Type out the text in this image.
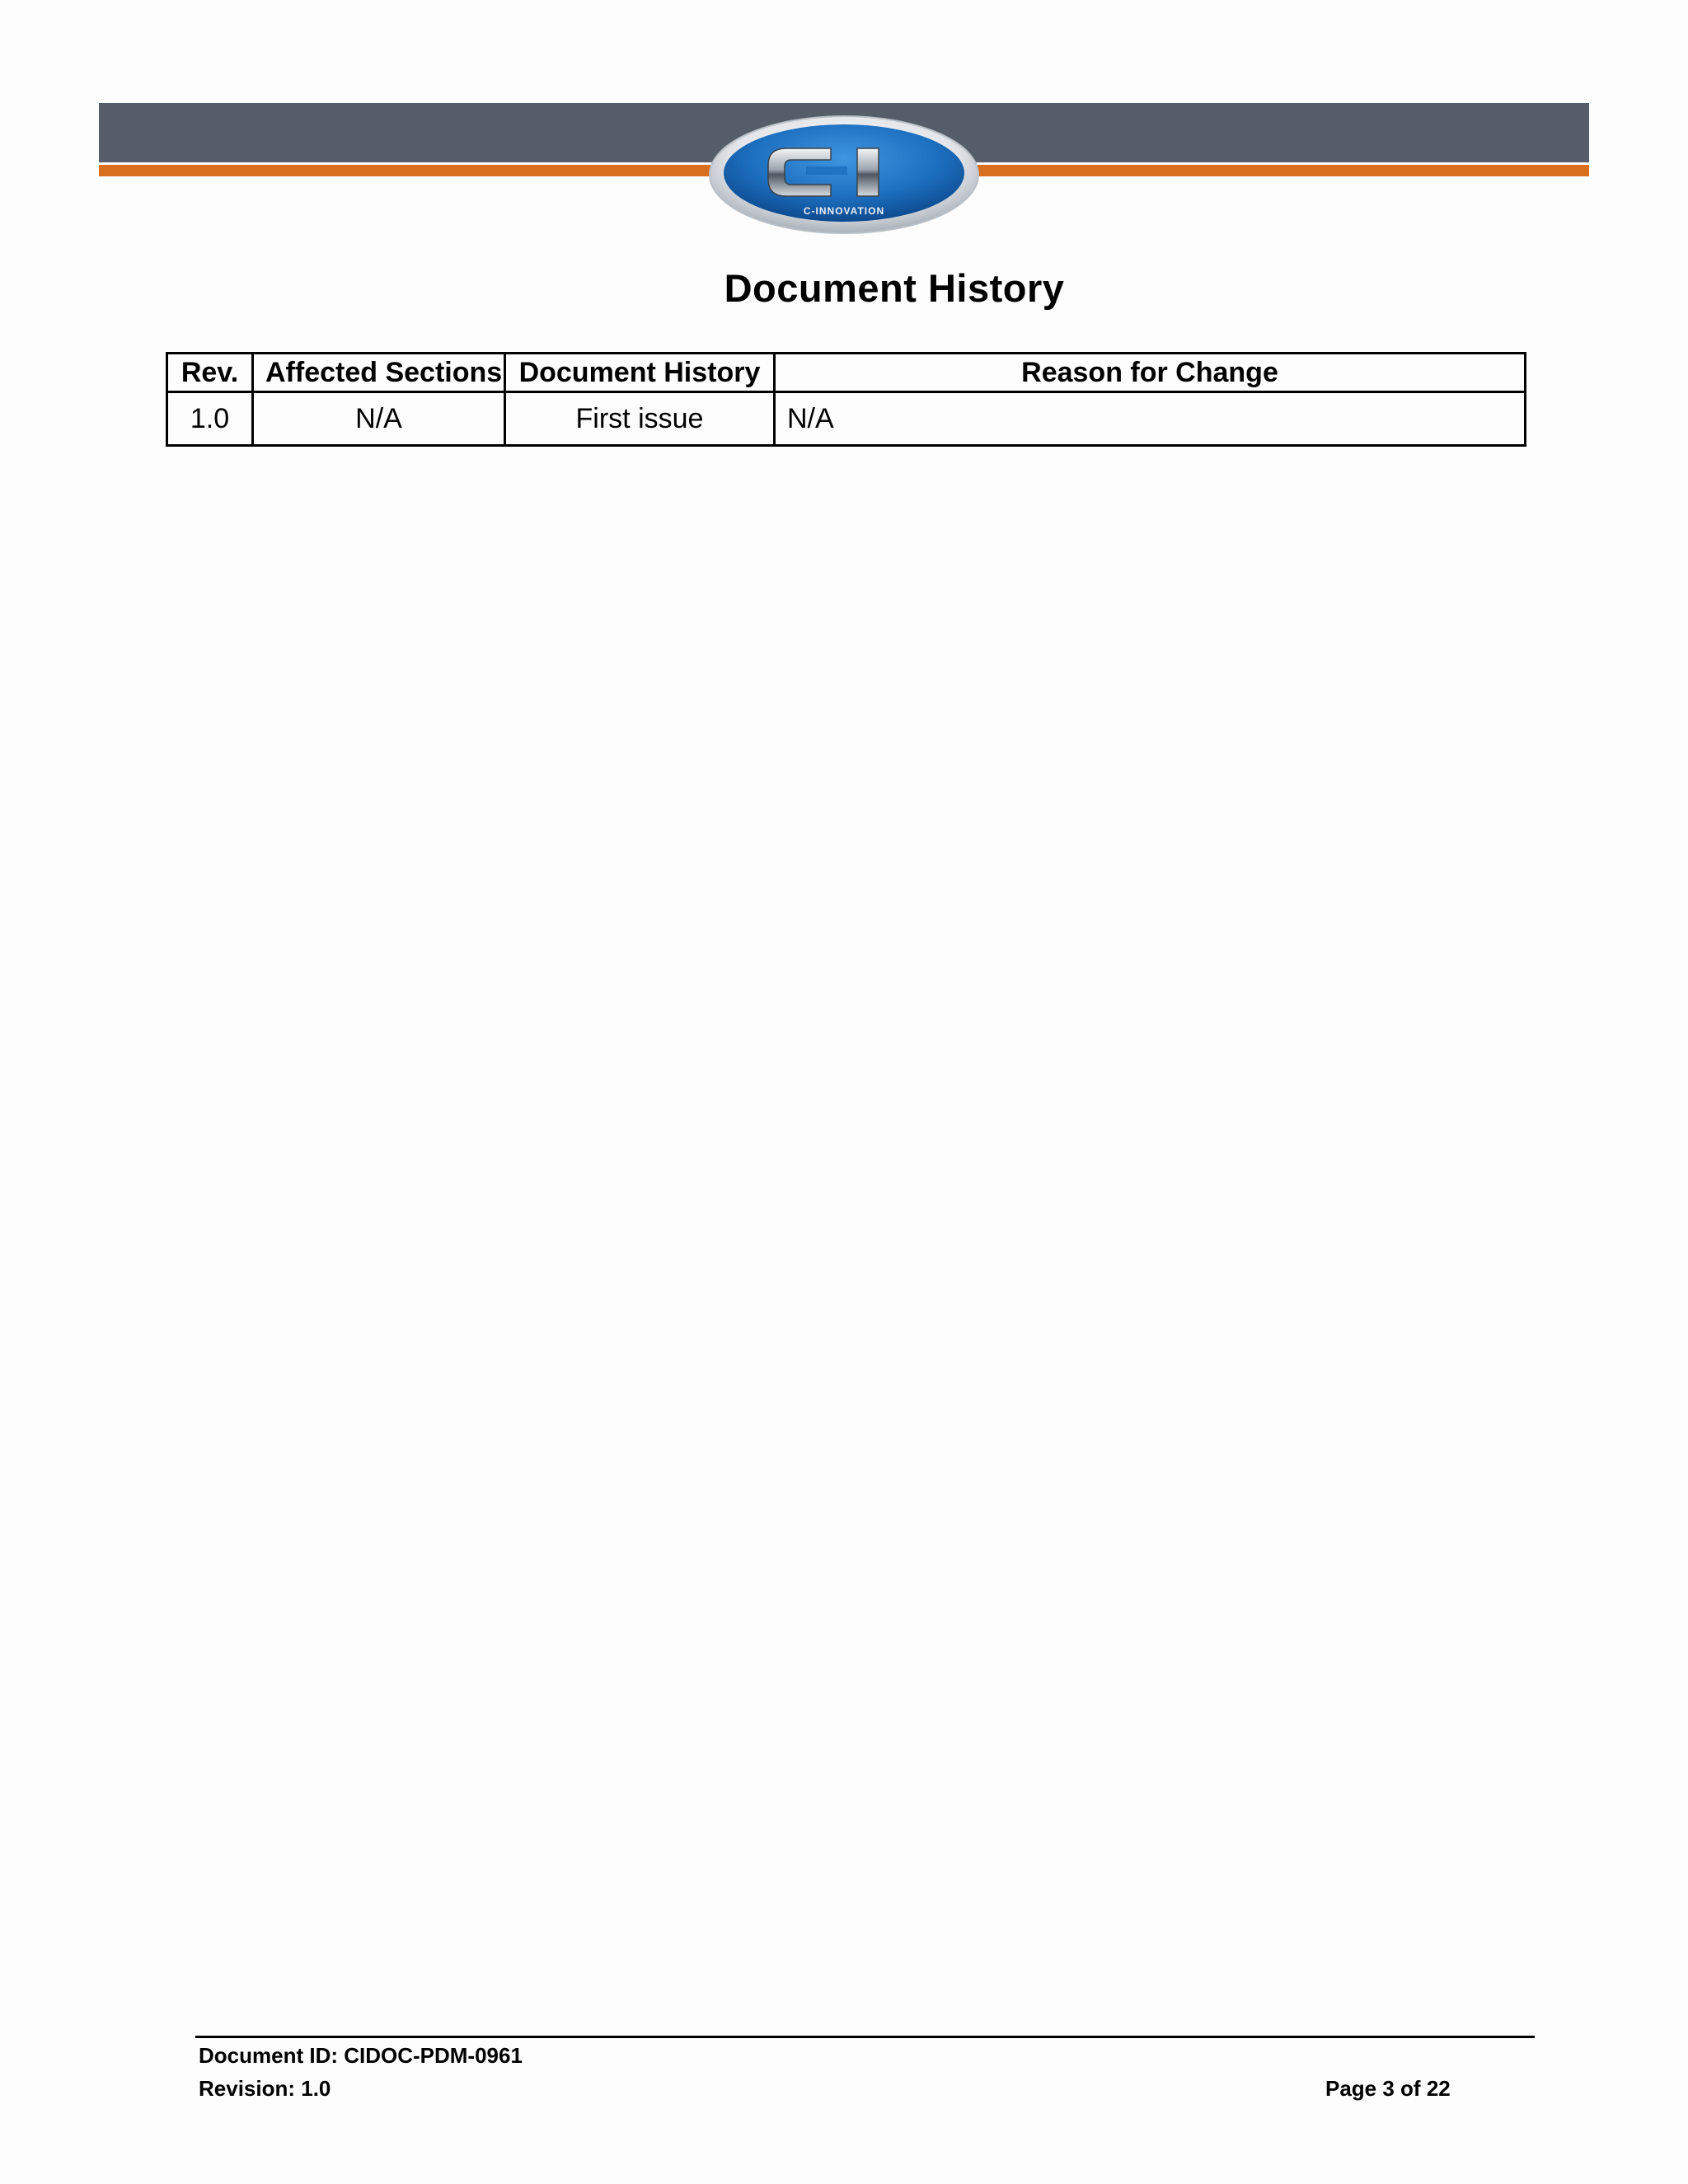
C-INNOVATION
Document History
Rev.	Affected Sections	Document History	Reason for Change
1.0	N/A	First issue	N/A
Document ID: CIDOC-PDM-0961
Revision: 1.0	Page 3 of 22
